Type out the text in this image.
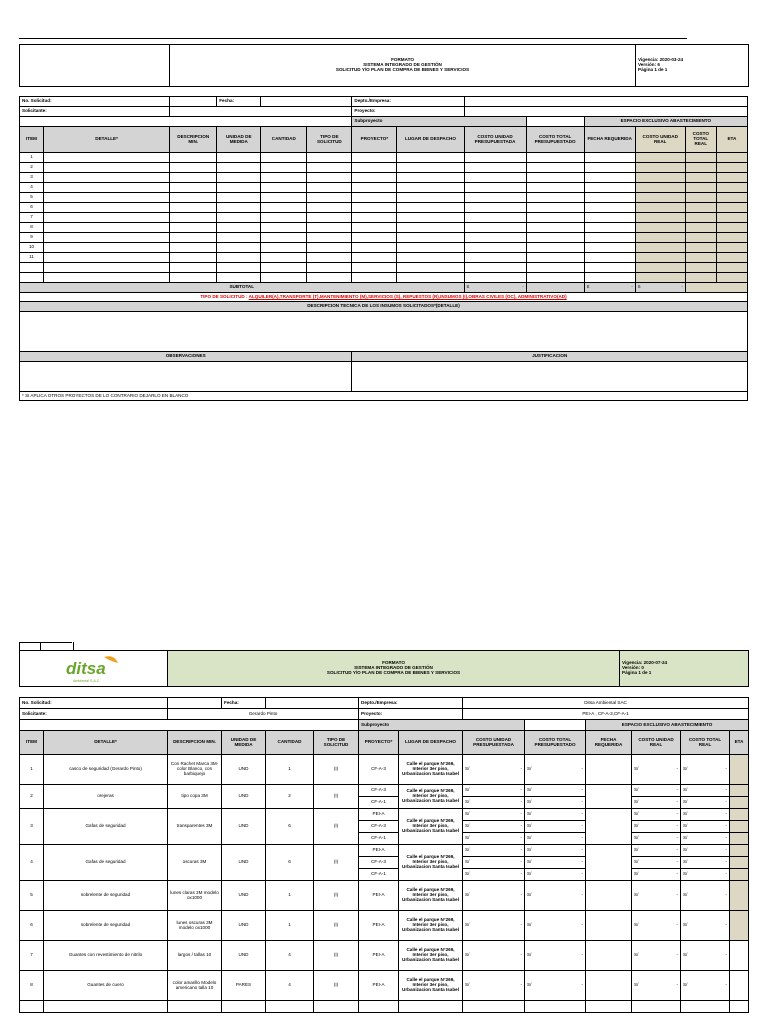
FORMATO
SISTEMA INTEGRADO DE GESTIÓN
SOLICITUD Y/O PLAN DE COMPRA DE BIENES Y SERVICIOS

Vigencia: 2020-03-24
Versión: 6
Página 1 de 1
No. Solicitud:			Fecha:			Depto./Empresa:							
Solicitante:						Proyecto:							
						Subproyecto				ESPACIO EXCLUSIVO ABASTECIMIENTO			
ITEM	DETALLE*	DESCRIPCION MIN.	UNIDAD DE MEDIDA	CANTIDAD	TIPO DE SOLICITUD	PROYECTO*	LUGAR DE DESPACHO	COSTO UNIDAD PRESUPUESTADA	COSTO TOTAL PRESUPUESTADO	FECHA REQUERIDA	COSTO UNIDAD REAL	COSTO TOTAL REAL	ETA
1													
2													
3													
4													
5													
6													
7													
8													
9													
10													
11													

SUBTOTAL								S -		S -	S -		

TIPO DE SOLICITUD : ALQUILER(A),TRANSPORTE (T),MANTENIMIENTO (M),SERVICIOS (S), REPUESTOS (R),INSUMOS (I),OBRAS CIVILES (OC), ADMINISTRATIVO(AD)													
DESCRIPCION TECNICA DE LOS INSUMOS SOLICITADOS*(DETALLE)													

OBSERVACIONES						JUSTIFICACION							

* SI APLICA OTROS PROYECTOS DE LO CONTRARIO DEJARLO EN BLANCO													
ditsa
Ambiental S.A.C.

FORMATO
SISTEMA INTEGRADO DE GESTIÓN
SOLICITUD Y/O PLAN DE COMPRA DE BIENES Y SERVICIOS

Vigencia: 2020-07-24
Versión: 0
Página 1 de 1
No. Solicitud:			Fecha:			Depto./Empresa:		Ditsa Ambiental SAC					
Solicitante:		Gerardo Pinto				Proyecto:		PEI-A , CF-A-3,CF-A-1					
						Subproyecto				ESPACIO EXCLUSIVO ABASTECIMIENTO			
ITEM	DETALLE*	DESCRIPCION MIN.	UNIDAD DE MEDIDA	CANTIDAD	TIPO DE SOLICITUD	PROYECTO*	LUGAR DE DESPACHO	COSTO UNIDAD PRESUPUESTADA	COSTO TOTAL PRESUPUESTADO	FECHA REQUERIDA	COSTO UNIDAD REAL	COSTO TOTAL REAL	ETA
1	casco de seguridad (Gerardo Pinto)	Con Rachet Marca 3M-color Blanco, con barbiquejo	UND	1	(I)	CF-A-3	Calle el parque N°269, Interior 3er piso, Urbanizacion Santa Isabel	S/ -	S/ -		S/ -	S/ -	

2	orejeras	tipo copa 3M	UND	2	(I)	CF-A-3	Calle el parque N°269, Interior 3er piso, Urbanizacion Santa Isabel	S/ -	S/ -		S/ -	S/ -	

						CF-A-1		S/ -	S/ -		S/ -	S/ -	

3	Gafas de seguridad	transparentes 3M	UND	6	(I)	PEI-A	Calle el parque N°269, Interior 3er piso, Urbanizacion Santa Isabel	S/ -	S/ -		S/ -	S/ -	

						CF-A-3		S/ -	S/ -		S/ -	S/ -	

						CF-A-1		S/ -	S/ -		S/ -	S/ -	

4	Gafas de seguridad	oscuras 3M	UND	6	(I)	PEI-A	Calle el parque N°269, Interior 3er piso, Urbanizacion Santa Isabel	S/ -	S/ -		S/ -	S/ -	

						CF-A-3		S/ -	S/ -		S/ -	S/ -	

						CF-A-1		S/ -	S/ -		S/ -	S/ -	

5	sobrelente de seguridad	lunes claras 3M modelo ox1000	UND	1	(I)	PEI-A	Calle el parque N°269, Interior 3er piso, Urbanizacion Santa Isabel	S/ -	S/ -		S/ -	S/ -	

6	sobrelente de seguridad	lunes oscuras 3M modelo ox1000	UND	1	(I)	PEI-A	Calle el parque N°269, Interior 3er piso, Urbanizacion Santa Isabel	S/ -	S/ -		S/ -	S/ -	

7	Guantes con revestimiento de nitrilo	largos / tallas 10	UND	4	(I)	PEI-A	Calle el parque N°269, Interior 3er piso, Urbanizacion Santa Isabel	S/ -	S/ -		S/ -	S/ -	

8	Guantes de cuero	color amarillo Modelo americano talla 10	PARES	4	(I)	PEI-A	Calle el parque N°269, Interior 3er piso, Urbanizacion Santa Isabel	S/ -	S/ -		S/ -	S/ -	
